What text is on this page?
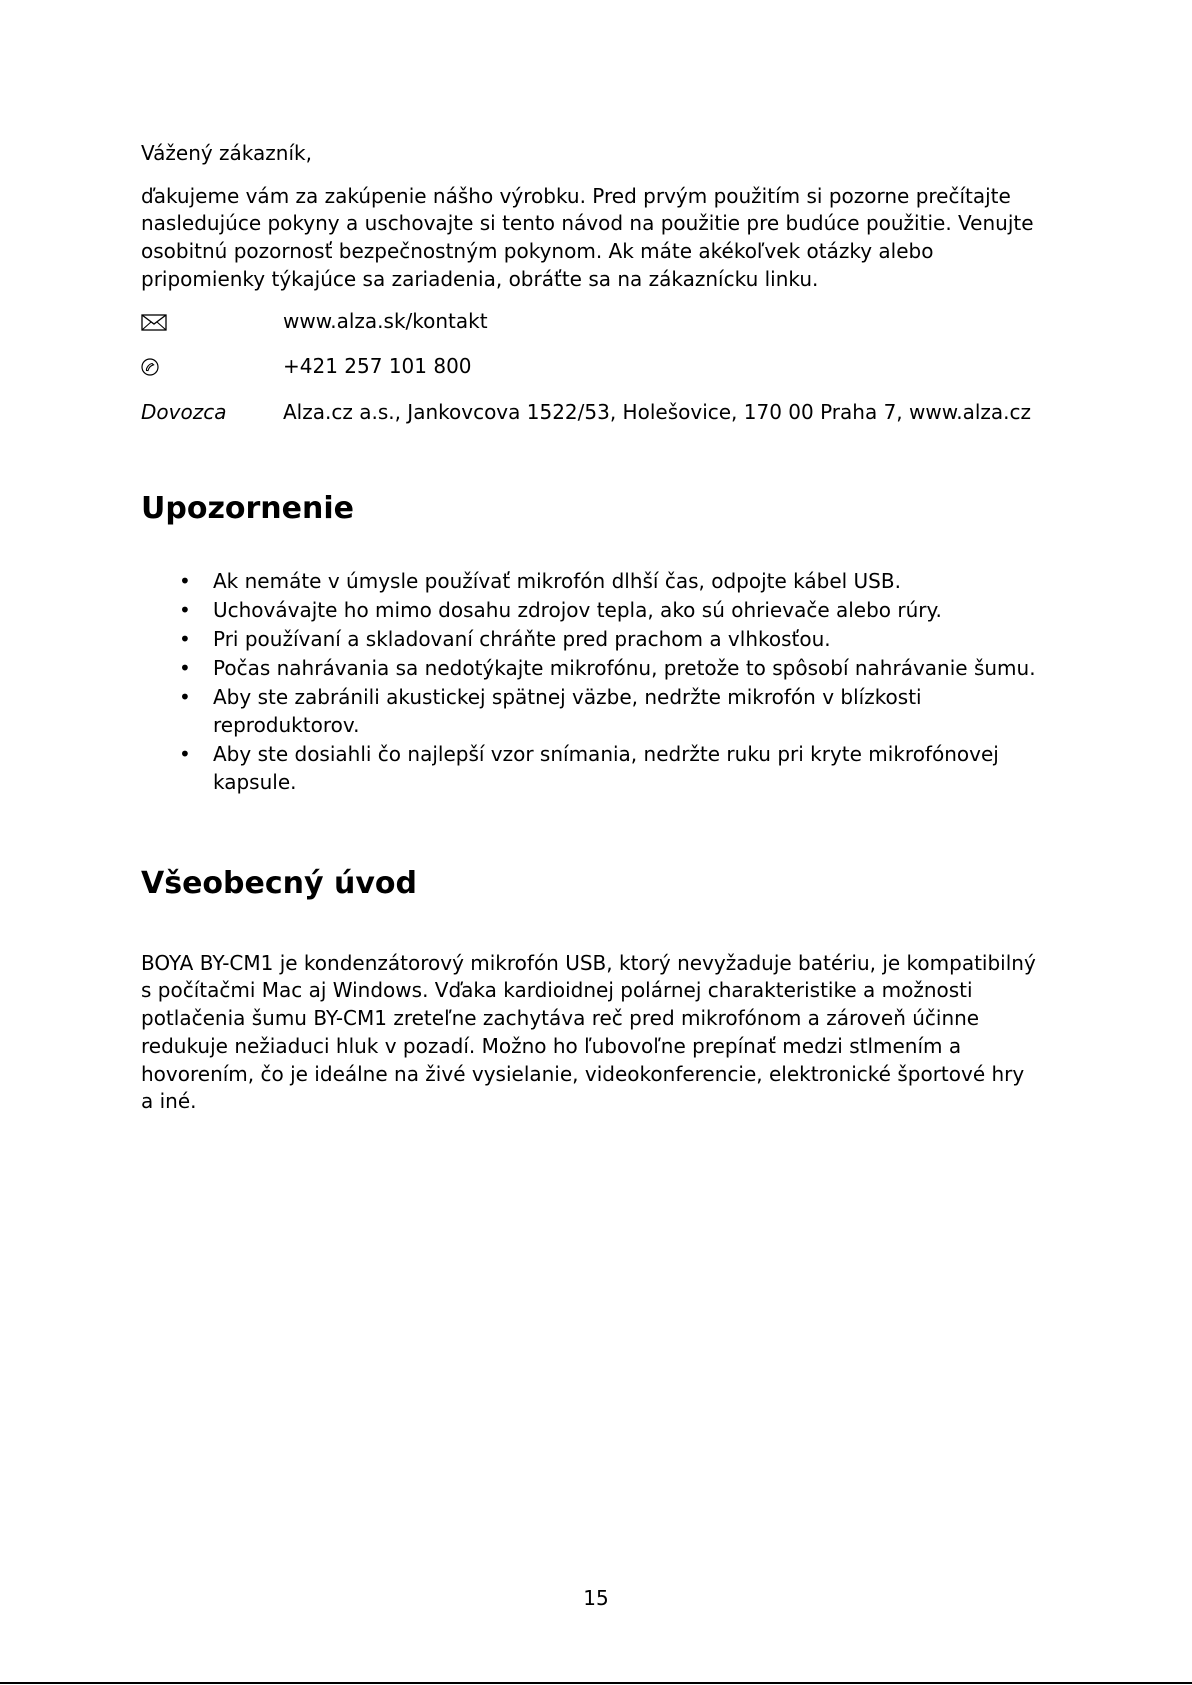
Vážený zákazník,

ďakujeme vám za zakúpenie nášho výrobku. Pred prvým použitím si pozorne prečítajte nasledujúce pokyny a uschovajte si tento návod na použitie pre budúce použitie. Venujte osobitnú pozornosť bezpečnostným pokynom. Ak máte akékoľvek otázky alebo pripomienky týkajúce sa zariadenia, obráťte sa na zákaznícku linku.

www.alza.sk/kontakt
+421 257 101 800
Dovozca	Alza.cz a.s., Jankovcova 1522/53, Holešovice, 170 00 Praha 7, www.alza.cz
Upozornenie
• Ak nemáte v úmysle používať mikrofón dlhší čas, odpojte kábel USB.
• Uchovávajte ho mimo dosahu zdrojov tepla, ako sú ohrievače alebo rúry.
• Pri používaní a skladovaní chráňte pred prachom a vlhkosťou.
• Počas nahrávania sa nedotýkajte mikrofónu, pretože to spôsobí nahrávanie šumu.
• Aby ste zabránili akustickej spätnej väzbe, nedržte mikrofón v blízkosti reproduktorov.
• Aby ste dosiahli čo najlepší vzor snímania, nedržte ruku pri kryte mikrofónovej kapsule.
Všeobecný úvod

BOYA BY-CM1 je kondenzátorový mikrofón USB, ktorý nevyžaduje batériu, je kompatibilný s počítačmi Mac aj Windows. Vďaka kardioidnej polárnej charakteristike a možnosti potlačenia šumu BY-CM1 zreteľne zachytáva reč pred mikrofónom a zároveň účinne redukuje nežiaduci hluk v pozadí. Možno ho ľubovoľne prepínať medzi stlmením a hovorením, čo je ideálne na živé vysielanie, videokonferencie, elektronické športové hry a iné.

15
